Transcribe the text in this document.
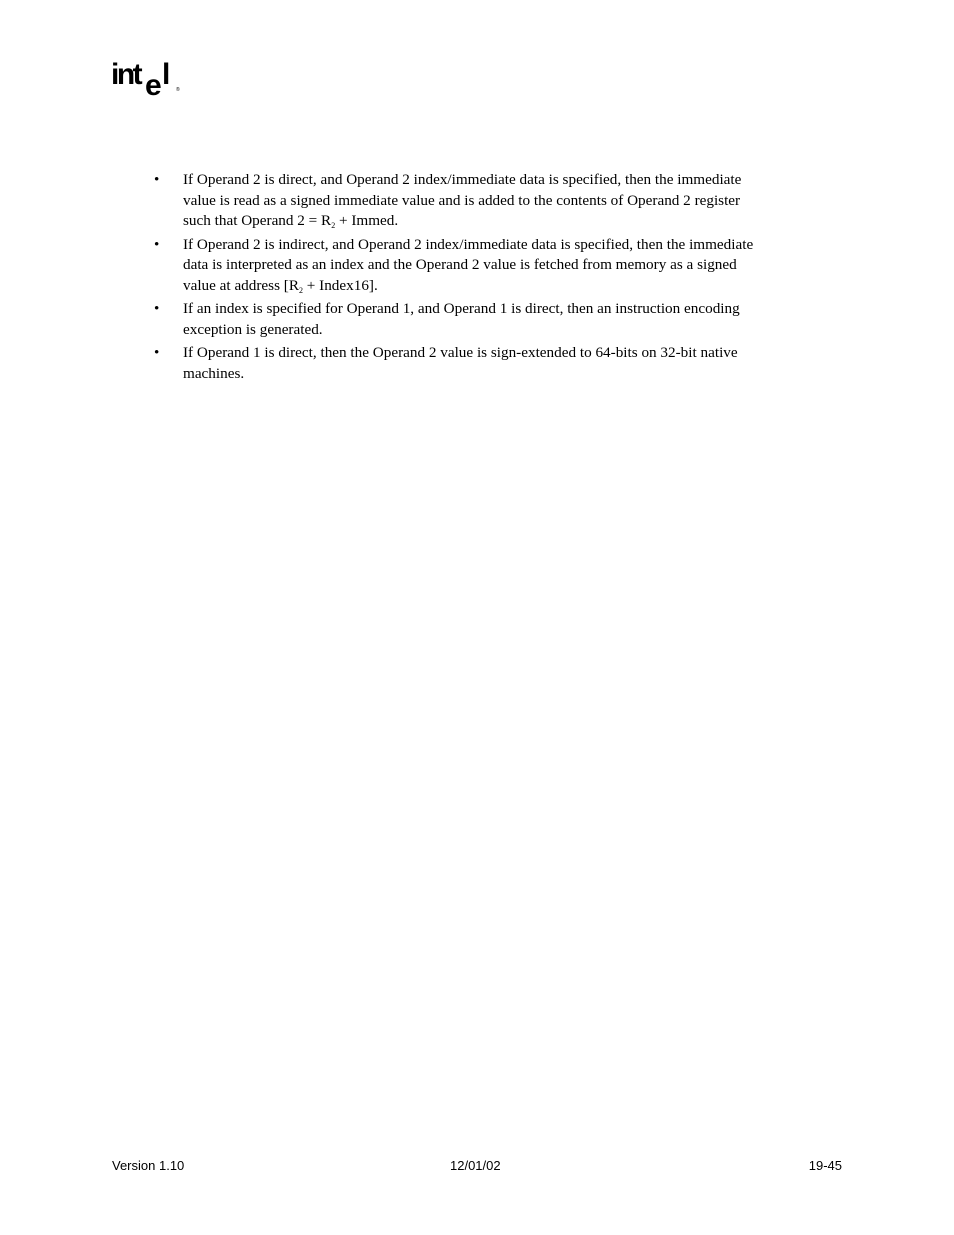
int e l ®
• If Operand 2 is direct, and Operand 2 index/immediate data is specified, then the immediate
value is read as a signed immediate value and is added to the contents of Operand 2 register
such that Operand $2 = R_2$ + Immed.
• If Operand 2 is indirect, and Operand 2 index/immediate data is specified, then the immediate
data is interpreted as an index and the Operand 2 value is fetched from memory as a signed
value at address [$R_2$ + Index16].
• If an index is specified for Operand 1, and Operand 1 is direct, then an instruction encoding
exception is generated.
• If Operand 1 is direct, then the Operand 2 value is sign-extended to 64-bits on 32-bit native
machines.
Version 1.10	12/01/02	19-45
